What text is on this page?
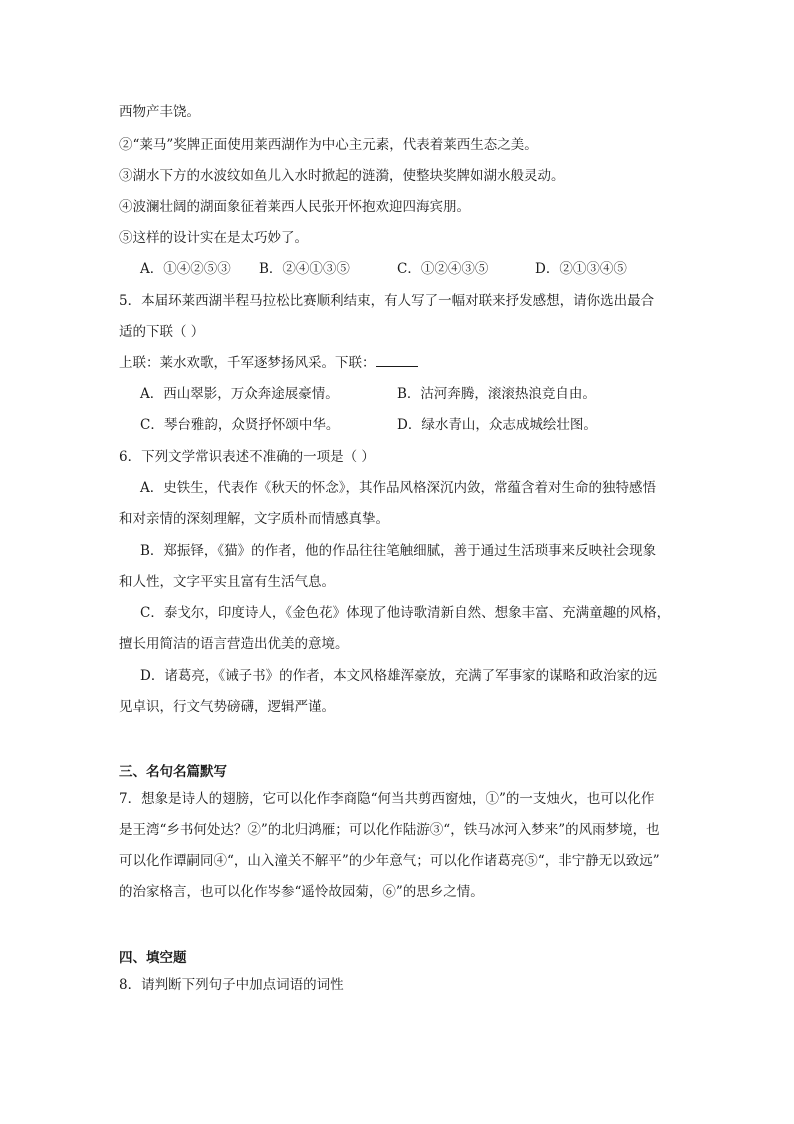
西物产丰饶。
②“莱马”奖牌正面使用莱西湖作为中心主元素，代表着莱西生态之美。
③湖水下方的水波纹如鱼儿入水时掀起的涟漪，使整块奖牌如湖水般灵动。
④波澜壮阔的湖面象征着莱西人民张开怀抱欢迎四海宾朋。
⑤这样的设计实在是太巧妙了。
A．①④②⑤③ B．②④①③⑤	C．①②④③⑤	D．②①③④⑤
5．本届环莱西湖半程马拉松比赛顺利结束，有人写了一幅对联来抒发感想，请你选出最合
适的下联（ ）
上联：莱水欢歌，千军逐梦扬风采。下联：
A．西山翠影，万众奔途展豪情。	B．沽河奔腾，滚滚热浪竞自由。
C．琴台雅韵，众贤抒怀颂中华。	D．绿水青山，众志成城绘壮图。
6．下列文学常识表述不准确的一项是（ ）
A．史铁生，代表作《秋天的怀念》，其作品风格深沉内敛，常蕴含着对生命的独特感悟
和对亲情的深刻理解，文字质朴而情感真挚。
B．郑振铎，《猫》的作者，他的作品往往笔触细腻，善于通过生活琐事来反映社会现象
和人性，文字平实且富有生活气息。
C．泰戈尔，印度诗人，《金色花》体现了他诗歌清新自然、想象丰富、充满童趣的风格，
擅长用简洁的语言营造出优美的意境。
D．诸葛亮，《诫子书》的作者，本文风格雄浑豪放，充满了军事家的谋略和政治家的远
见卓识，行文气势磅礴，逻辑严谨。
三、名句名篇默写
7．想象是诗人的翅膀，它可以化作李商隐“何当共剪西窗烛，①”的一支烛火，也可以化作
是王湾“乡书何处达？②”的北归鸿雁；可以化作陆游③“，铁马冰河入梦来”的风雨梦境，也
可以化作谭嗣同④“，山入潼关不解平”的少年意气；可以化作诸葛亮⑤“，非宁静无以致远”
的治家格言，也可以化作岑参“遥怜故园菊，⑥”的思乡之情。
四、填空题
8．请判断下列句子中加点词语的词性
